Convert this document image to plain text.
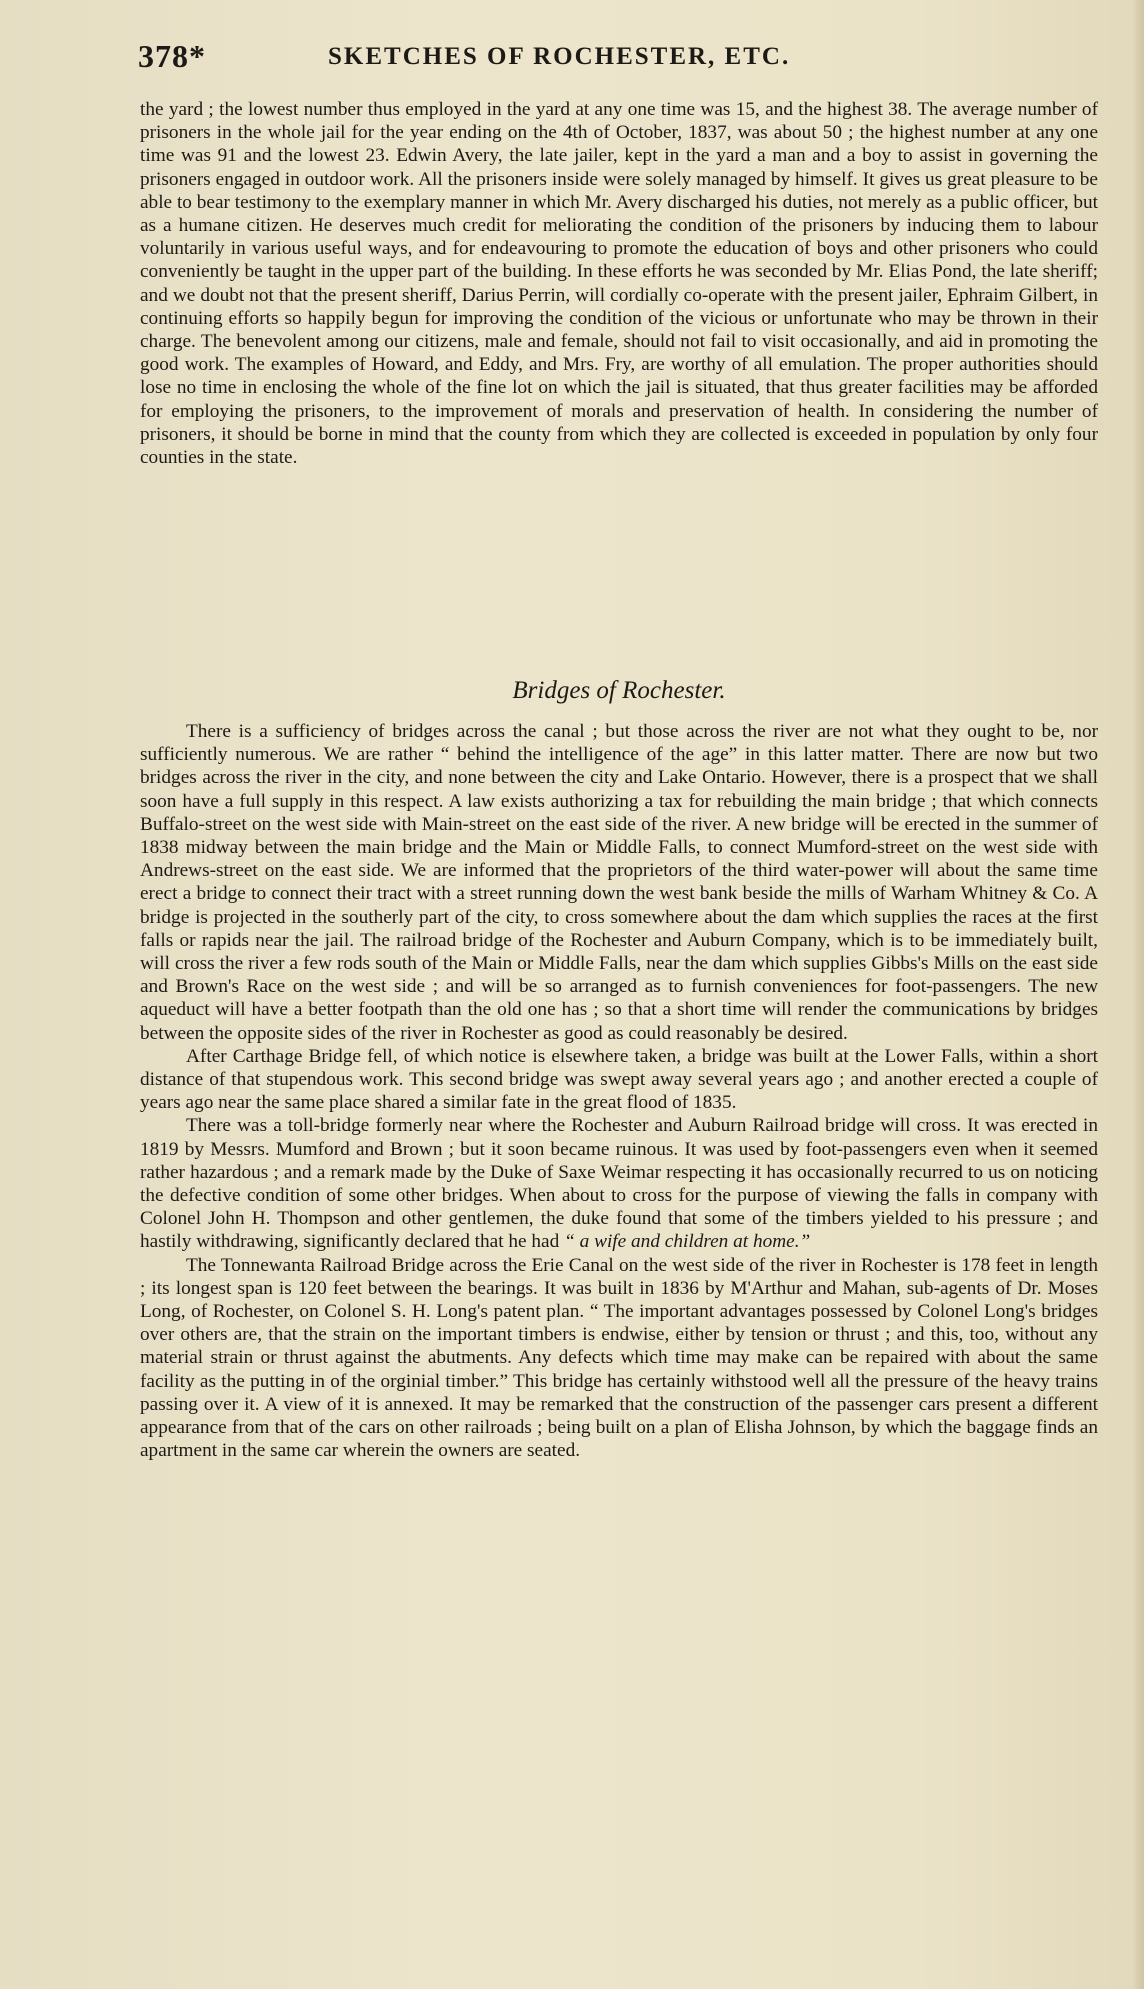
378*	SKETCHES OF ROCHESTER, ETC.

the yard ; the lowest number thus employed in the yard at any one time was 15, and the highest 38. The average number of prisoners in the whole jail for the year ending on the 4th of October, 1837, was about 50 ; the highest number at any one time was 91 and the lowest 23. Edwin Avery, the late jailer, kept in the yard a man and a boy to assist in governing the prisoners engaged in outdoor work. All the prisoners inside were solely managed by himself. It gives us great pleasure to be able to bear testimony to the exemplary manner in which Mr. Avery discharged his duties, not merely as a public officer, but as a humane citizen. He deserves much credit for meliorating the condition of the prisoners by inducing them to labour voluntarily in various useful ways, and for endeavouring to promote the education of boys and other prisoners who could conveniently be taught in the upper part of the building. In these efforts he was seconded by Mr. Elias Pond, the late sheriff; and we doubt not that the present sheriff, Darius Perrin, will cordially co-operate with the present jailer, Ephraim Gilbert, in continuing efforts so happily begun for improving the condition of the vicious or unfortunate who may be thrown in their charge. The benevolent among our citizens, male and female, should not fail to visit occasionally, and aid in promoting the good work. The examples of Howard, and Eddy, and Mrs. Fry, are worthy of all emulation. The proper authorities should lose no time in enclosing the whole of the fine lot on which the jail is situated, that thus greater facilities may be afforded for employing the prisoners, to the improvement of morals and preservation of health. In considering the number of prisoners, it should be borne in mind that the county from which they are collected is exceeded in population by only four counties in the state.

Bridges of Rochester.

There is a sufficiency of bridges across the canal ; but those across the river are not what they ought to be, nor sufficiently numerous. We are rather “ behind the intelligence of the age” in this latter matter. There are now but two bridges across the river in the city, and none between the city and Lake Ontario. However, there is a prospect that we shall soon have a full supply in this respect. A law exists authorizing a tax for rebuilding the main bridge ; that which connects Buffalo-street on the west side with Main-street on the east side of the river. A new bridge will be erected in the summer of 1838 midway between the main bridge and the Main or Middle Falls, to connect Mumford-street on the west side with Andrews-street on the east side. We are informed that the proprietors of the third water-power will about the same time erect a bridge to connect their tract with a street running down the west bank beside the mills of Warham Whitney & Co. A bridge is projected in the southerly part of the city, to cross somewhere about the dam which supplies the races at the first falls or rapids near the jail. The railroad bridge of the Rochester and Auburn Company, which is to be immediately built, will cross the river a few rods south of the Main or Middle Falls, near the dam which supplies Gibbs's Mills on the east side and Brown's Race on the west side ; and will be so arranged as to furnish conveniences for foot-passengers. The new aqueduct will have a better footpath than the old one has ; so that a short time will render the communications by bridges between the opposite sides of the river in Rochester as good as could reasonably be desired.

After Carthage Bridge fell, of which notice is elsewhere taken, a bridge was built at the Lower Falls, within a short distance of that stupendous work. This second bridge was swept away several years ago ; and another erected a couple of years ago near the same place shared a similar fate in the great flood of 1835.

There was a toll-bridge formerly near where the Rochester and Auburn Railroad bridge will cross. It was erected in 1819 by Messrs. Mumford and Brown ; but it soon became ruinous. It was used by foot-passengers even when it seemed rather hazardous ; and a remark made by the Duke of Saxe Weimar respecting it has occasionally recurred to us on noticing the defective condition of some other bridges. When about to cross for the purpose of viewing the falls in company with Colonel John H. Thompson and other gentlemen, the duke found that some of the timbers yielded to his pressure ; and hastily withdrawing, significantly declared that he had “ a wife and children at home.”

The Tonnewanta Railroad Bridge across the Erie Canal on the west side of the river in Rochester is 178 feet in length ; its longest span is 120 feet between the bearings. It was built in 1836 by M'Arthur and Mahan, sub-agents of Dr. Moses Long, of Rochester, on Colonel S. H. Long's patent plan. “ The important advantages possessed by Colonel Long's bridges over others are, that the strain on the important timbers is endwise, either by tension or thrust ; and this, too, without any material strain or thrust against the abutments. Any defects which time may make can be repaired with about the same facility as the putting in of the orginial timber.” This bridge has certainly withstood well all the pressure of the heavy trains passing over it. A view of it is annexed. It may be remarked that the construction of the passenger cars present a different appearance from that of the cars on other railroads ; being built on a plan of Elisha Johnson, by which the baggage finds an apartment in the same car wherein the owners are seated.
